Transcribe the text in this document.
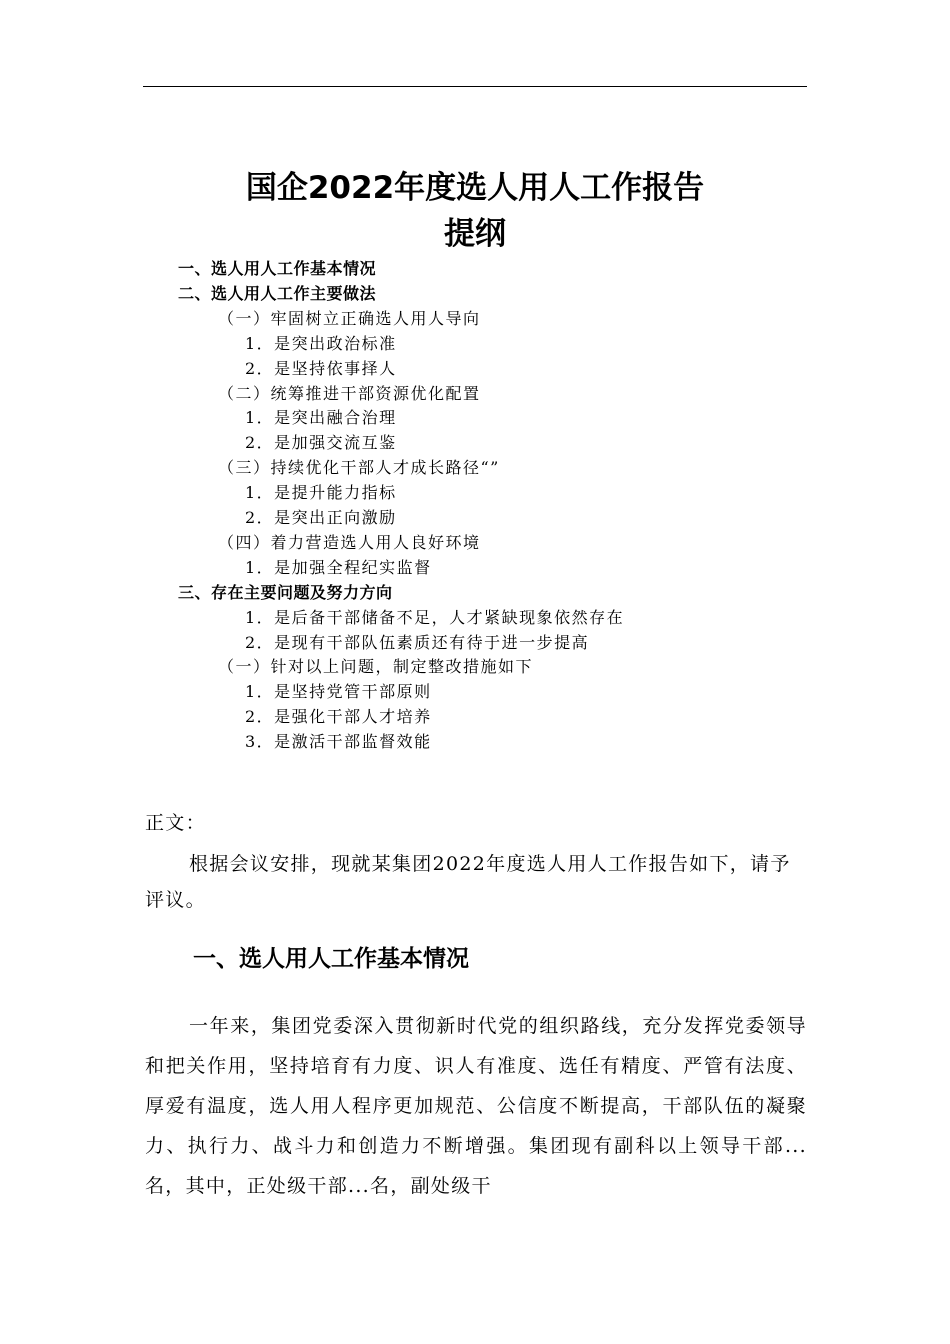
国企2022年度选人用人工作报告
提纲
一、选人用人工作基本情况
二、选人用人工作主要做法
（一）牢固树立正确选人用人导向
1．是突出政治标准
2．是坚持依事择人
（二）统筹推进干部资源优化配置
1．是突出融合治理
2．是加强交流互鉴
（三）持续优化干部人才成长路径“”
1．是提升能力指标
2．是突出正向激励
（四）着力营造选人用人良好环境
1．是加强全程纪实监督
三、存在主要问题及努力方向
1．是后备干部储备不足，人才紧缺现象依然存在
2．是现有干部队伍素质还有待于进一步提高
（一）针对以上问题，制定整改措施如下
1．是坚持党管干部原则
2．是强化干部人才培养
3．是激活干部监督效能
正文：
根据会议安排，现就某集团2022年度选人用人工作报告如下，请予评议。
一、选人用人工作基本情况
一年来，集团党委深入贯彻新时代党的组织路线，充分发挥党委领导和把关作用，坚持培育有力度、识人有准度、选任有精度、严管有法度、厚爱有温度，选人用人程序更加规范、公信度不断提高，干部队伍的凝聚力、执行力、战斗力和创造力不断增强。集团现有副科以上领导干部...名，其中，正处级干部...名，副处级干
